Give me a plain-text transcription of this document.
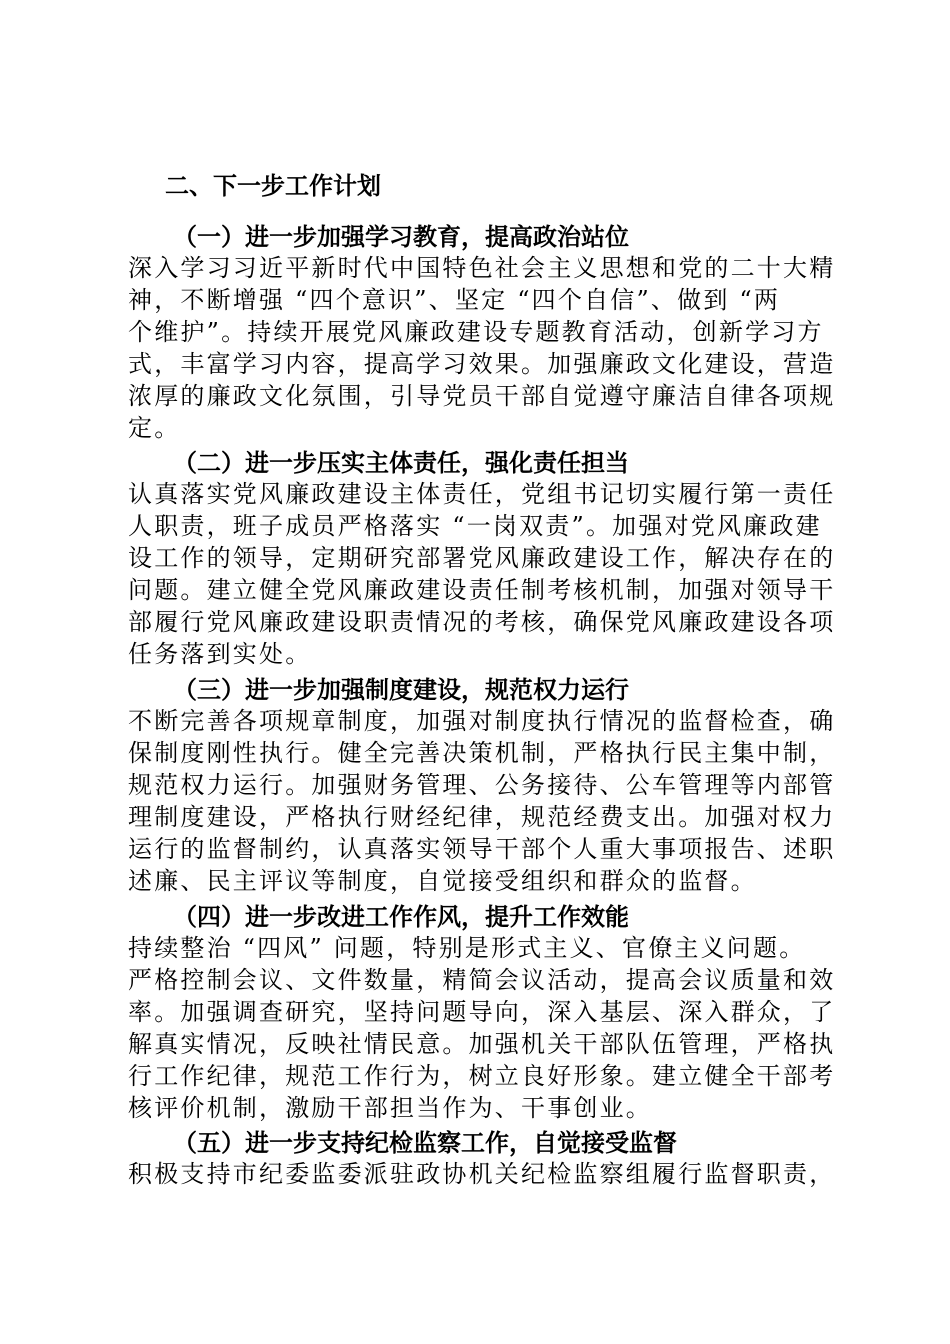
二、下一步工作计划
（一）进一步加强学习教育，提高政治站位
深入学习习近平新时代中国特色社会主义思想和党的二十大精
神，不断增强 “四个意识”、坚定 “四个自信”、做到 “两
个维护”。持续开展党风廉政建设专题教育活动，创新学习方
式，丰富学习内容，提高学习效果。加强廉政文化建设，营造
浓厚的廉政文化氛围，引导党员干部自觉遵守廉洁自律各项规
定。
（二）进一步压实主体责任，强化责任担当
认真落实党风廉政建设主体责任，党组书记切实履行第一责任
人职责，班子成员严格落实 “一岗双责”。加强对党风廉政建
设工作的领导，定期研究部署党风廉政建设工作，解决存在的
问题。建立健全党风廉政建设责任制考核机制，加强对领导干
部履行党风廉政建设职责情况的考核，确保党风廉政建设各项
任务落到实处。
（三）进一步加强制度建设，规范权力运行
不断完善各项规章制度，加强对制度执行情况的监督检查，确
保制度刚性执行。健全完善决策机制，严格执行民主集中制，
规范权力运行。加强财务管理、公务接待、公车管理等内部管
理制度建设，严格执行财经纪律，规范经费支出。加强对权力
运行的监督制约，认真落实领导干部个人重大事项报告、述职
述廉、民主评议等制度，自觉接受组织和群众的监督。
（四）进一步改进工作作风，提升工作效能
持续整治 “四风” 问题，特别是形式主义、官僚主义问题。
严格控制会议、文件数量，精简会议活动，提高会议质量和效
率。加强调查研究，坚持问题导向，深入基层、深入群众，了
解真实情况，反映社情民意。加强机关干部队伍管理，严格执
行工作纪律，规范工作行为，树立良好形象。建立健全干部考
核评价机制，激励干部担当作为、干事创业。
（五）进一步支持纪检监察工作，自觉接受监督
积极支持市纪委监委派驻政协机关纪检监察组履行监督职责，
